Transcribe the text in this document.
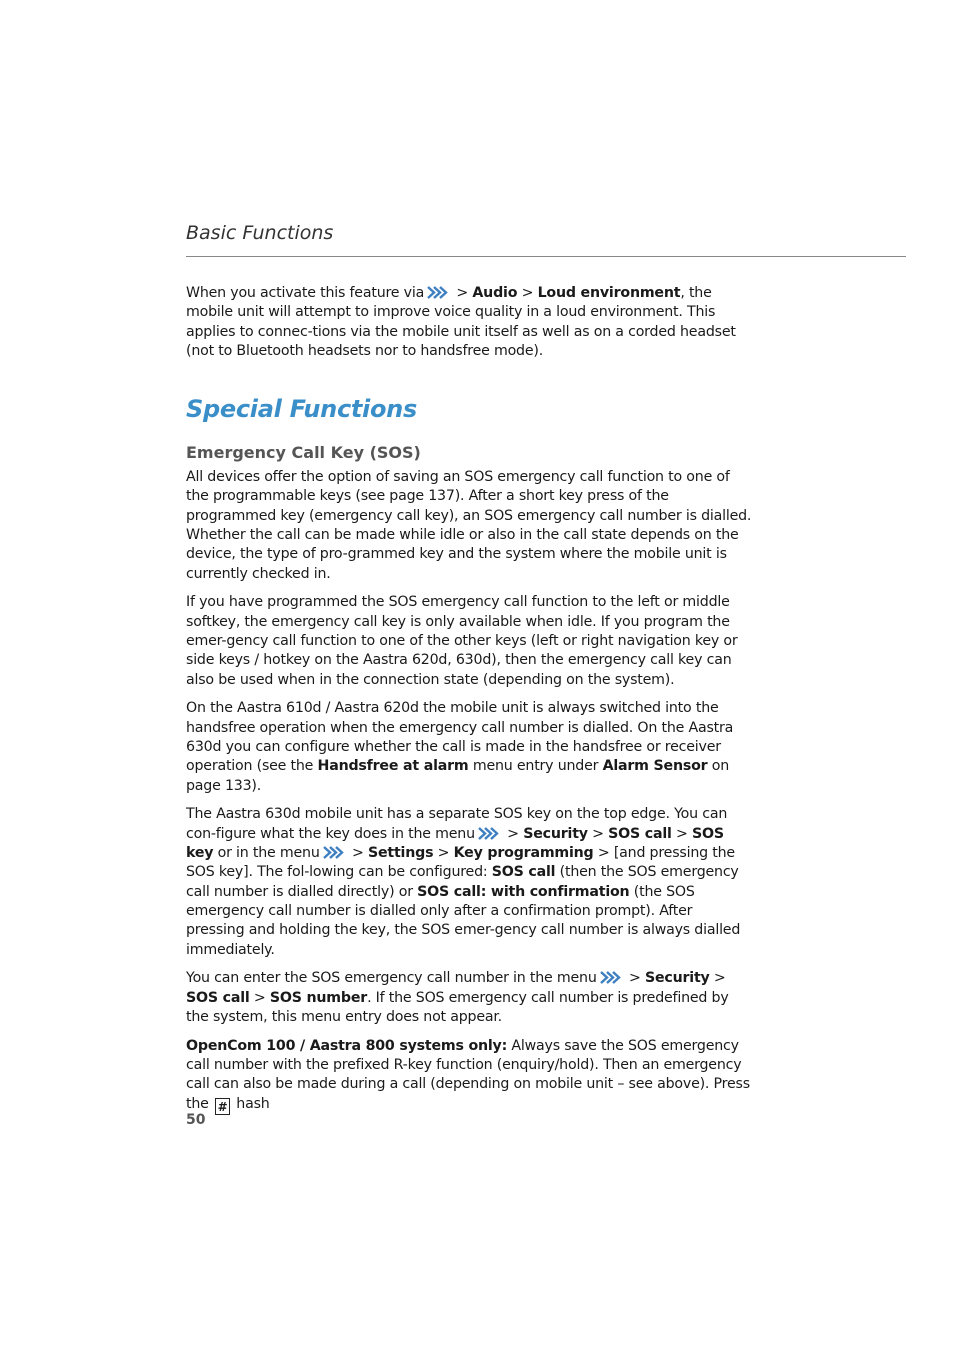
Basic Functions

When you activate this feature via > Audio > Loud environment, the mobile unit will attempt to improve voice quality in a loud environment. This applies to connec-tions via the mobile unit itself as well as on a corded headset (not to Bluetooth headsets nor to handsfree mode).

Special Functions
Emergency Call Key (SOS)

All devices offer the option of saving an SOS emergency call function to one of the programmable keys (see page 137). After a short key press of the programmed key (emergency call key), an SOS emergency call number is dialled. Whether the call can be made while idle or also in the call state depends on the device, the type of pro-grammed key and the system where the mobile unit is currently checked in.

If you have programmed the SOS emergency call function to the left or middle softkey, the emergency call key is only available when idle. If you program the emer-gency call function to one of the other keys (left or right navigation key or side keys / hotkey on the Aastra 620d, 630d), then the emergency call key can also be used when in the connection state (depending on the system).

On the Aastra 610d / Aastra 620d the mobile unit is always switched into the handsfree operation when the emergency call number is dialled. On the Aastra 630d you can configure whether the call is made in the handsfree or receiver operation (see the Handsfree at alarm menu entry under Alarm Sensor on page 133).

The Aastra 630d mobile unit has a separate SOS key on the top edge. You can con-figure what the key does in the menu > Security > SOS call > SOS key or in the menu > Settings > Key programming > [and pressing the SOS key]. The fol-lowing can be configured: SOS call (then the SOS emergency call number is dialled directly) or SOS call: with confirmation (the SOS emergency call number is dialled only after a confirmation prompt). After pressing and holding the key, the SOS emer-gency call number is always dialled immediately.

You can enter the SOS emergency call number in the menu > Security > SOS call > SOS number. If the SOS emergency call number is predefined by the system, this menu entry does not appear.

OpenCom 100 / Aastra 800 systems only: Always save the SOS emergency call number with the prefixed R-key function (enquiry/hold). Then an emergency call can also be made during a call (depending on mobile unit – see above). Press the # hash

50
